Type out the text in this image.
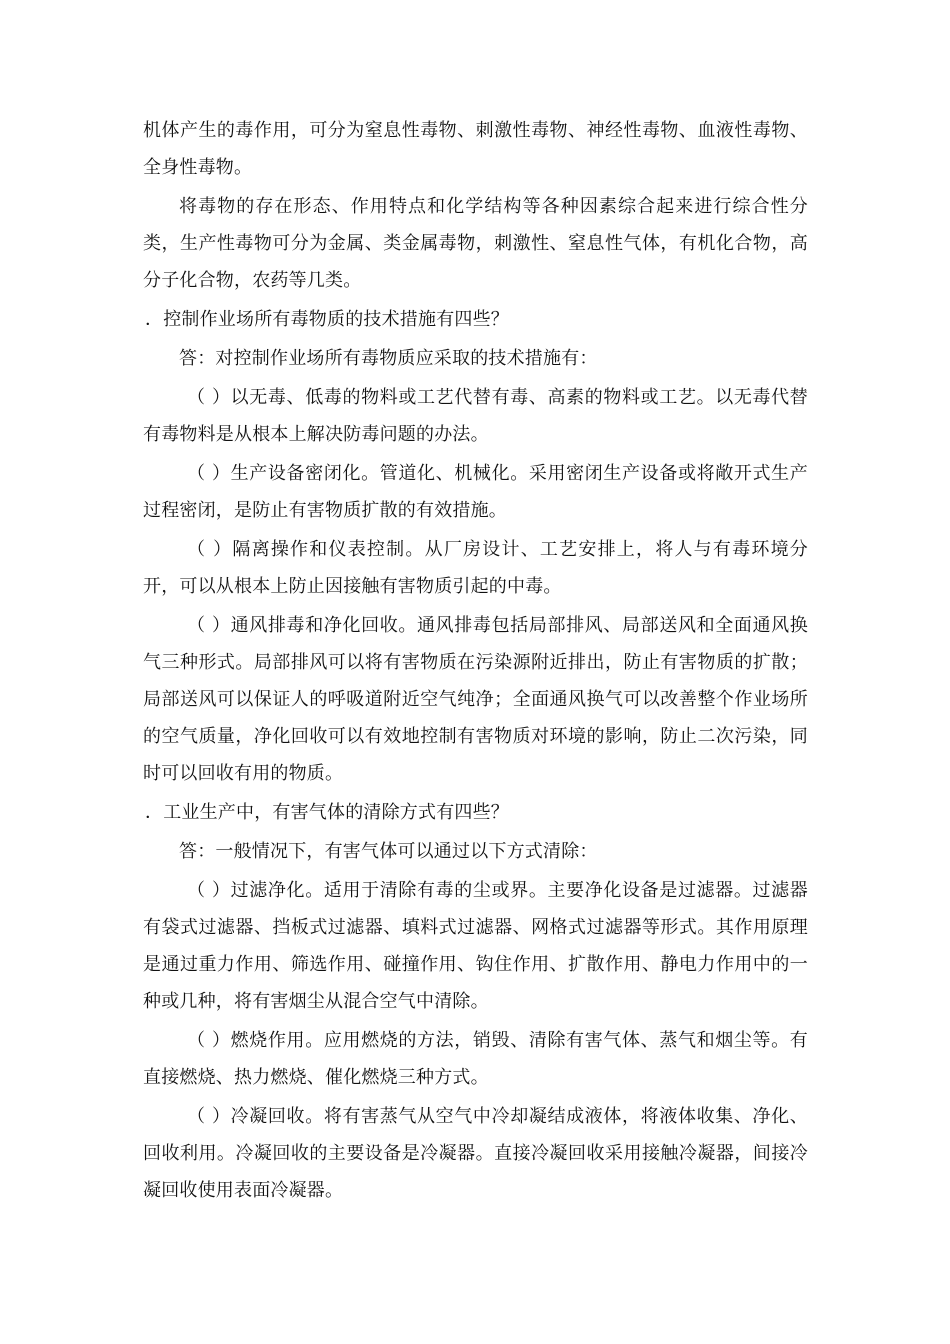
机体产生的毒作用，可分为窒息性毒物、刺激性毒物、神经性毒物、血液性毒物、全身性毒物。

将毒物的存在形态、作用特点和化学结构等各种因素综合起来进行综合性分类，生产性毒物可分为金属、类金属毒物，刺激性、窒息性气体，有机化合物，高分子化合物，农药等几类。

．控制作业场所有毒物质的技术措施有四些？

答：对控制作业场所有毒物质应采取的技术措施有：

（ ）以无毒、低毒的物料或工艺代替有毒、高素的物料或工艺。以无毒代替有毒物料是从根本上解决防毒问题的办法。

（ ）生产设备密闭化。管道化、机械化。采用密闭生产设备或将敞开式生产过程密闭，是防止有害物质扩散的有效措施。

（ ）隔离操作和仪表控制。从厂房设计、工艺安排上，将人与有毒环境分开，可以从根本上防止因接触有害物质引起的中毒。

（ ）通风排毒和净化回收。通风排毒包括局部排风、局部送风和全面通风换气三种形式。局部排风可以将有害物质在污染源附近排出，防止有害物质的扩散；局部送风可以保证人的呼吸道附近空气纯净；全面通风换气可以改善整个作业场所的空气质量，净化回收可以有效地控制有害物质对环境的影响，防止二次污染，同时可以回收有用的物质。

．工业生产中，有害气体的清除方式有四些？

答：一般情况下，有害气体可以通过以下方式清除：

（ ）过滤净化。适用于清除有毒的尘或界。主要净化设备是过滤器。过滤器有袋式过滤器、挡板式过滤器、填料式过滤器、网格式过滤器等形式。其作用原理是通过重力作用、筛选作用、碰撞作用、钩住作用、扩散作用、静电力作用中的一种或几种，将有害烟尘从混合空气中清除。

（ ）燃烧作用。应用燃烧的方法，销毁、清除有害气体、蒸气和烟尘等。有直接燃烧、热力燃烧、催化燃烧三种方式。

（ ）冷凝回收。将有害蒸气从空气中冷却凝结成液体，将液体收集、净化、回收利用。冷凝回收的主要设备是冷凝器。直接冷凝回收采用接触冷凝器，间接冷凝回收使用表面冷凝器。
